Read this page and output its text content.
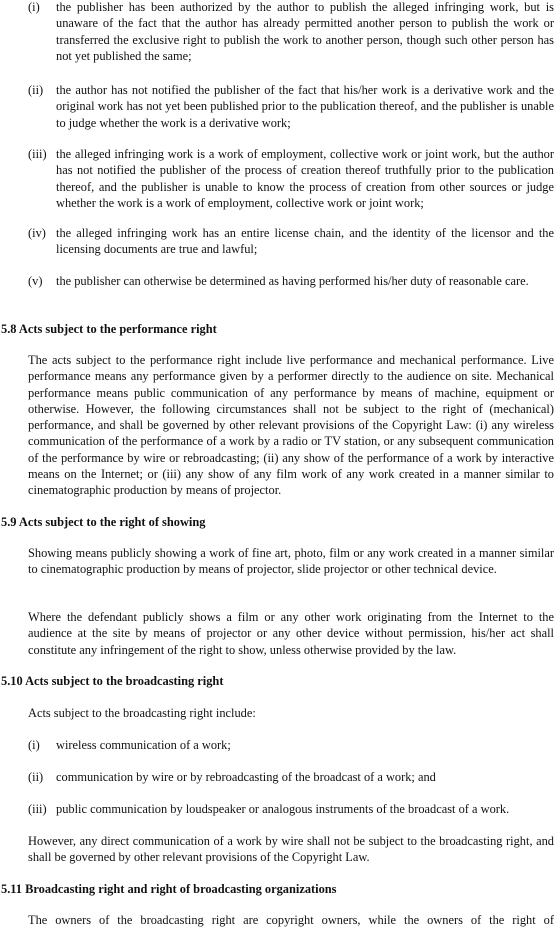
(i) the publisher has been authorized by the author to publish the alleged infringing work, but is unaware of the fact that the author has already permitted another person to publish the work or transferred the exclusive right to publish the work to another person, though such other person has not yet published the same;
(ii) the author has not notified the publisher of the fact that his/her work is a derivative work and the original work has not yet been published prior to the publication thereof, and the publisher is unable to judge whether the work is a derivative work;
(iii) the alleged infringing work is a work of employment, collective work or joint work, but the author has not notified the publisher of the process of creation thereof truthfully prior to the publication thereof, and the publisher is unable to know the process of creation from other sources or judge whether the work is a work of employment, collective work or joint work;
(iv) the alleged infringing work has an entire license chain, and the identity of the licensor and the licensing documents are true and lawful;
(v) the publisher can otherwise be determined as having performed his/her duty of reasonable care.
5.8 Acts subject to the performance right
The acts subject to the performance right include live performance and mechanical performance. Live performance means any performance given by a performer directly to the audience on site. Mechanical performance means public communication of any performance by means of machine, equipment or otherwise. However, the following circumstances shall not be subject to the right of (mechanical) performance, and shall be governed by other relevant provisions of the Copyright Law: (i) any wireless communication of the performance of a work by a radio or TV station, or any subsequent communication of the performance by wire or rebroadcasting; (ii) any show of the performance of a work by interactive means on the Internet; or (iii) any show of any film work of any work created in a manner similar to cinematographic production by means of projector.
5.9 Acts subject to the right of showing
Showing means publicly showing a work of fine art, photo, film or any work created in a manner similar to cinematographic production by means of projector, slide projector or other technical device.
Where the defendant publicly shows a film or any other work originating from the Internet to the audience at the site by means of projector or any other device without permission, his/her act shall constitute any infringement of the right to show, unless otherwise provided by the law.
5.10 Acts subject to the broadcasting right
Acts subject to the broadcasting right include:
(i) wireless communication of a work;
(ii) communication by wire or by rebroadcasting of the broadcast of a work; and
(iii) public communication by loudspeaker or analogous instruments of the broadcast of a work.
However, any direct communication of a work by wire shall not be subject to the broadcasting right, and shall be governed by other relevant provisions of the Copyright Law.
5.11 Broadcasting right and right of broadcasting organizations
The owners of the broadcasting right are copyright owners, while the owners of the right of
